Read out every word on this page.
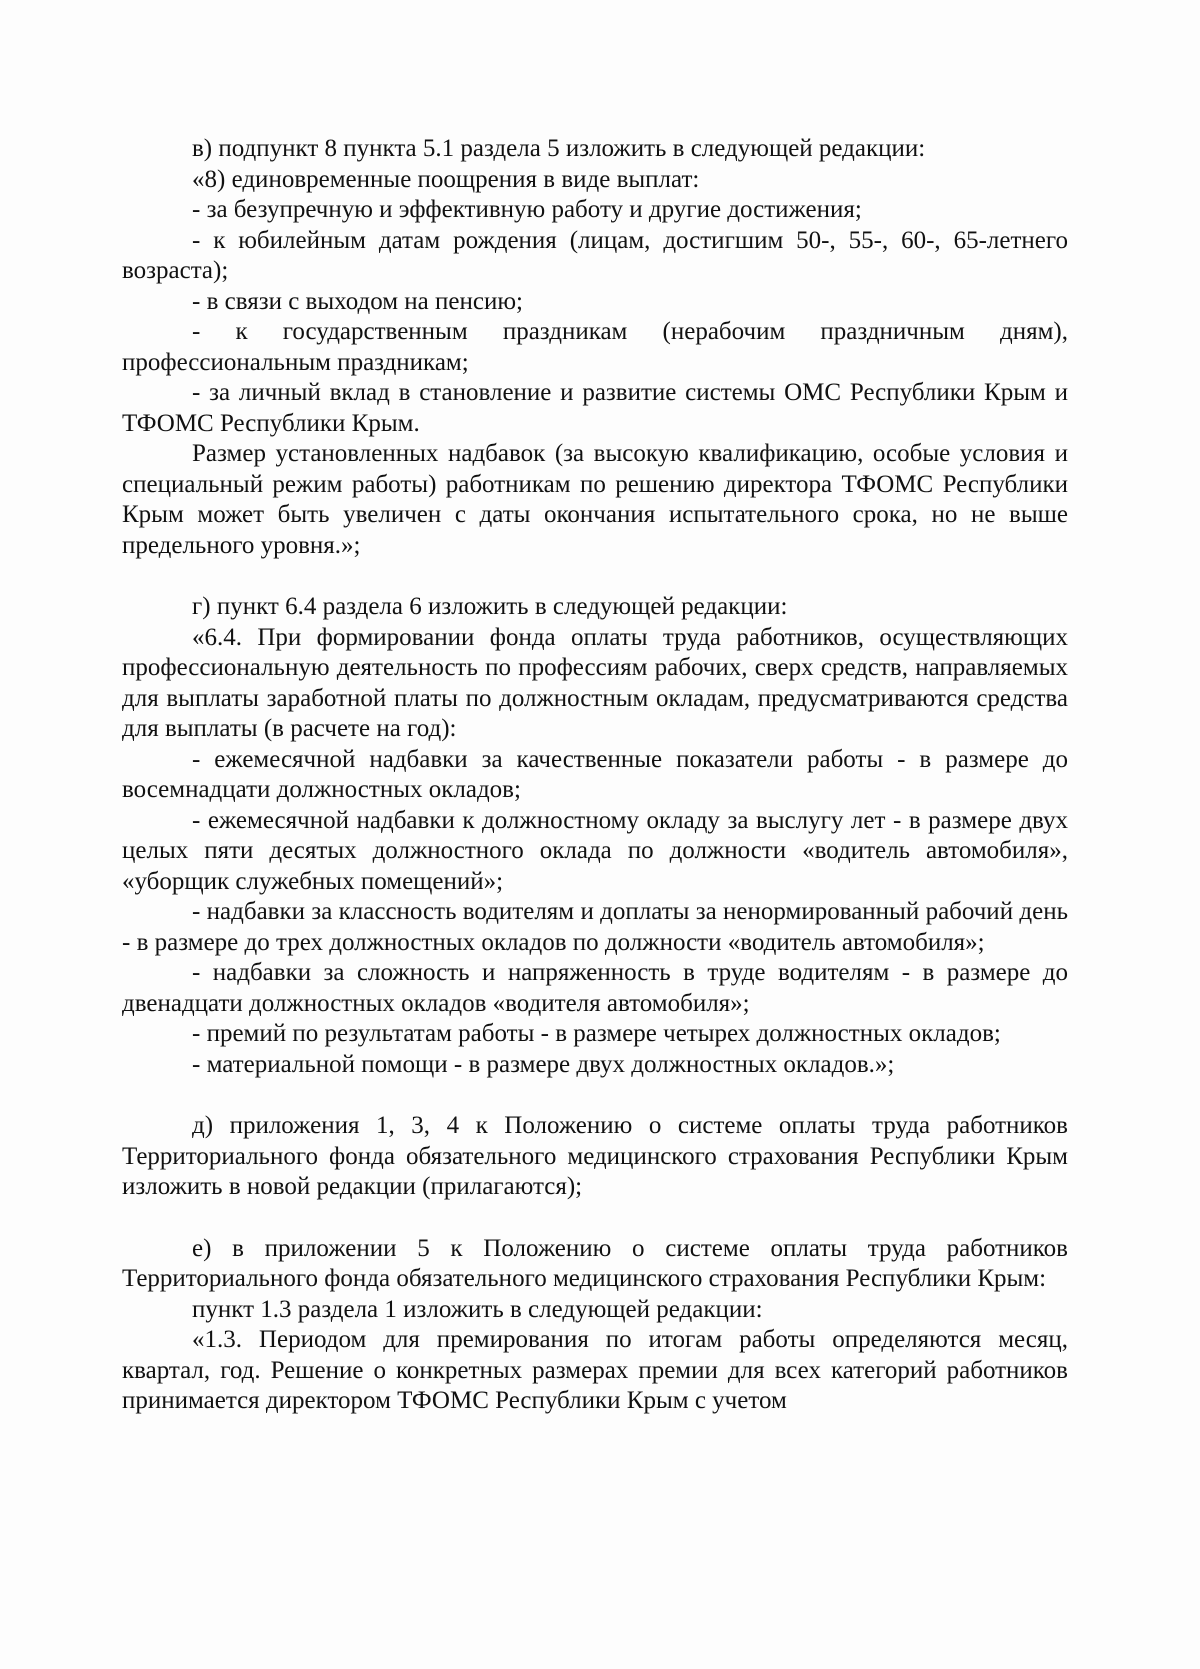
в) подпункт 8 пункта 5.1 раздела 5 изложить в следующей редакции:

«8) единовременные поощрения в виде выплат:

- за безупречную и эффективную работу и другие достижения;

- к юбилейным датам рождения (лицам, достигшим 50-, 55-, 60-, 65-летнего возраста);

- в связи с выходом на пенсию;

- к государственным праздникам (нерабочим праздничным дням), профессиональным праздникам;

- за личный вклад в становление и развитие системы ОМС Республики Крым и ТФОМС Республики Крым.

Размер установленных надбавок (за высокую квалификацию, особые условия и специальный режим работы) работникам по решению директора ТФОМС Республики Крым может быть увеличен с даты окончания испытательного срока, но не выше предельного уровня.»;

г) пункт 6.4 раздела 6 изложить в следующей редакции:

«6.4. При формировании фонда оплаты труда работников, осуществляющих профессиональную деятельность по профессиям рабочих, сверх средств, направляемых для выплаты заработной платы по должностным окладам, предусматриваются средства для выплаты (в расчете на год):

- ежемесячной надбавки за качественные показатели работы - в размере до восемнадцати должностных окладов;

- ежемесячной надбавки к должностному окладу за выслугу лет - в размере двух целых пяти десятых должностного оклада по должности «водитель автомобиля», «уборщик служебных помещений»;

- надбавки за классность водителям и доплаты за ненормированный рабочий день - в размере до трех должностных окладов по должности «водитель автомобиля»;

- надбавки за сложность и напряженность в труде водителям - в размере до двенадцати должностных окладов «водителя автомобиля»;

- премий по результатам работы - в размере четырех должностных окладов;

- материальной помощи - в размере двух должностных окладов.»;

д) приложения 1, 3, 4 к Положению о системе оплаты труда работников Территориального фонда обязательного медицинского страхования Республики Крым изложить в новой редакции (прилагаются);

е) в приложении 5 к Положению о системе оплаты труда работников Территориального фонда обязательного медицинского страхования Республики Крым:

пункт 1.3 раздела 1 изложить в следующей редакции:

«1.3. Периодом для премирования по итогам работы определяются месяц, квартал, год. Решение о конкретных размерах премии для всех категорий работников принимается директором ТФОМС Республики Крым с учетом
